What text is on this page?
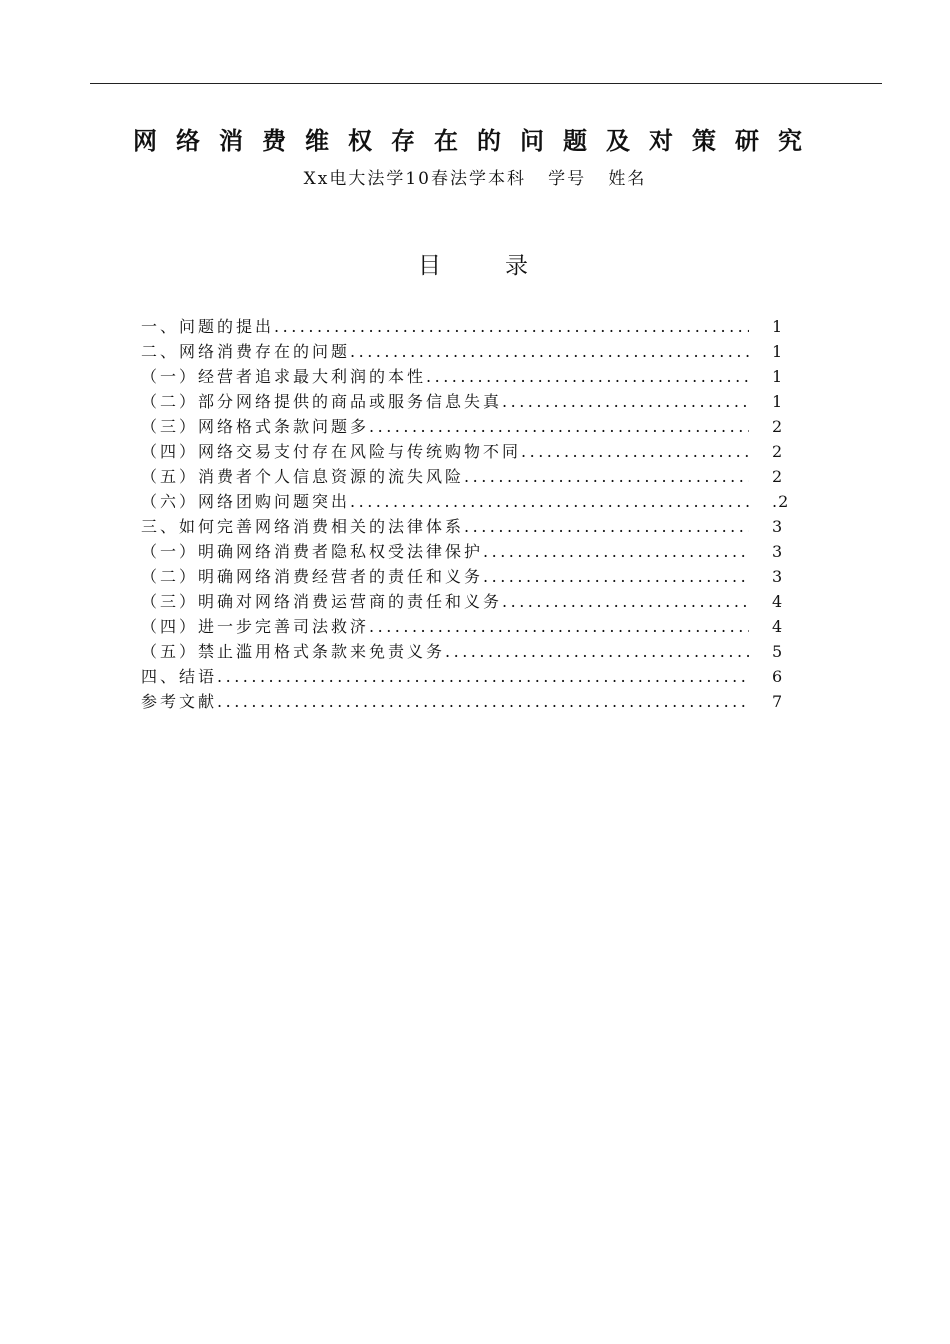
网络消费维权存在的问题及对策研究
Xx电大法学10春法学本科   学号   姓名
目录
一、问题的提出 .....	1
二、网络消费存在的问题 .....	1
（一）经营者追求最大利润的本性 .....	1
（二）部分网络提供的商品或服务信息失真 .....	1
（三）网络格式条款问题多 .....	2
（四）网络交易支付存在风险与传统购物不同 .....	2
（五）消费者个人信息资源的流失风险 .....	2
（六）网络团购问题突出 .....	.2
三、如何完善网络消费相关的法律体系 .....	3
（一）明确网络消费者隐私权受法律保护 .....	3
（二）明确网络消费经营者的责任和义务 .....	3
（三）明确对网络消费运营商的责任和义务 .....	4
（四）进一步完善司法救济 .....	4
（五）禁止滥用格式条款来免责义务 .....	5
四、结语 .....	6
参考文献 .....	7
